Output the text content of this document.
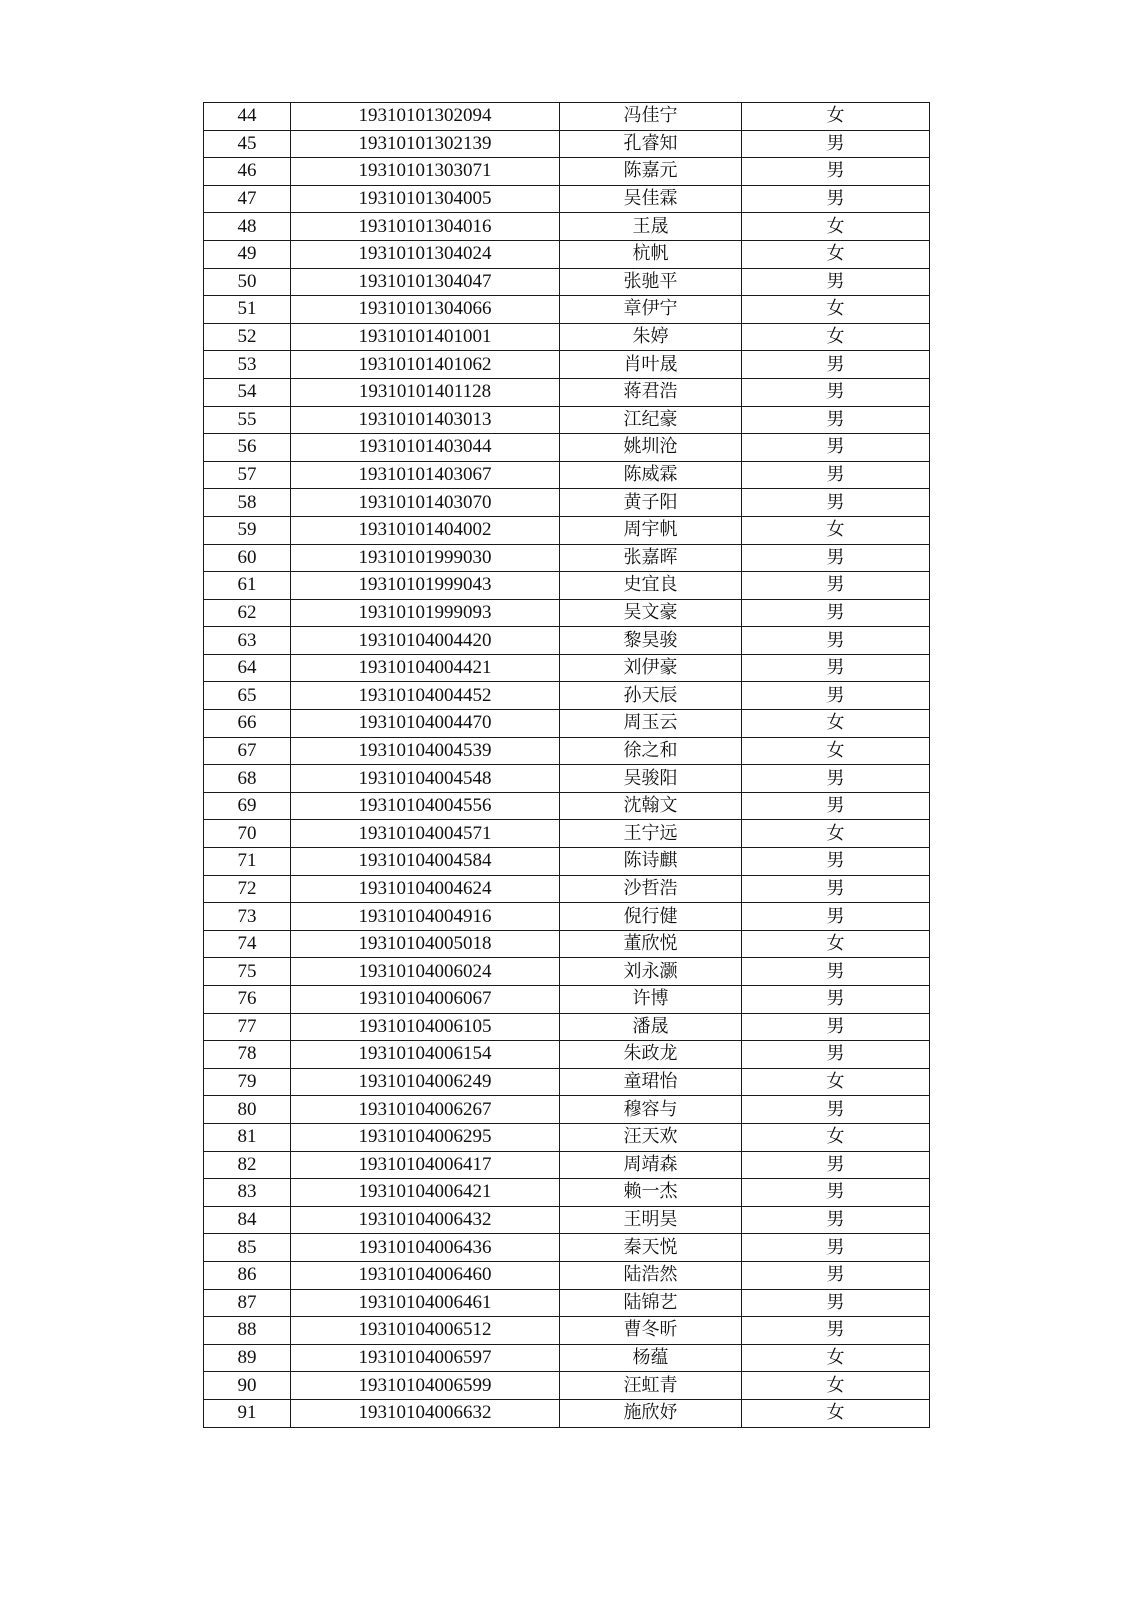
44	19310101302094	冯佳宁	女
45	19310101302139	孔睿知	男
46	19310101303071	陈嘉元	男
47	19310101304005	吴佳霖	男
48	19310101304016	王晟	女
49	19310101304024	杭帆	女
50	19310101304047	张驰平	男
51	19310101304066	章伊宁	女
52	19310101401001	朱婷	女
53	19310101401062	肖叶晟	男
54	19310101401128	蒋君浩	男
55	19310101403013	江纪豪	男
56	19310101403044	姚圳沧	男
57	19310101403067	陈威霖	男
58	19310101403070	黄子阳	男
59	19310101404002	周宇帆	女
60	19310101999030	张嘉晖	男
61	19310101999043	史宜良	男
62	19310101999093	吴文豪	男
63	19310104004420	黎昊骏	男
64	19310104004421	刘伊豪	男
65	19310104004452	孙天辰	男
66	19310104004470	周玉云	女
67	19310104004539	徐之和	女
68	19310104004548	吴骏阳	男
69	19310104004556	沈翰文	男
70	19310104004571	王宁远	女
71	19310104004584	陈诗麒	男
72	19310104004624	沙哲浩	男
73	19310104004916	倪行健	男
74	19310104005018	董欣悦	女
75	19310104006024	刘永灏	男
76	19310104006067	许博	男
77	19310104006105	潘晟	男
78	19310104006154	朱政龙	男
79	19310104006249	童珺怡	女
80	19310104006267	穆容与	男
81	19310104006295	汪天欢	女
82	19310104006417	周靖森	男
83	19310104006421	赖一杰	男
84	19310104006432	王明昊	男
85	19310104006436	秦天悦	男
86	19310104006460	陆浩然	男
87	19310104006461	陆锦艺	男
88	19310104006512	曹冬昕	男
89	19310104006597	杨蕴	女
90	19310104006599	汪虹青	女
91	19310104006632	施欣妤	女
